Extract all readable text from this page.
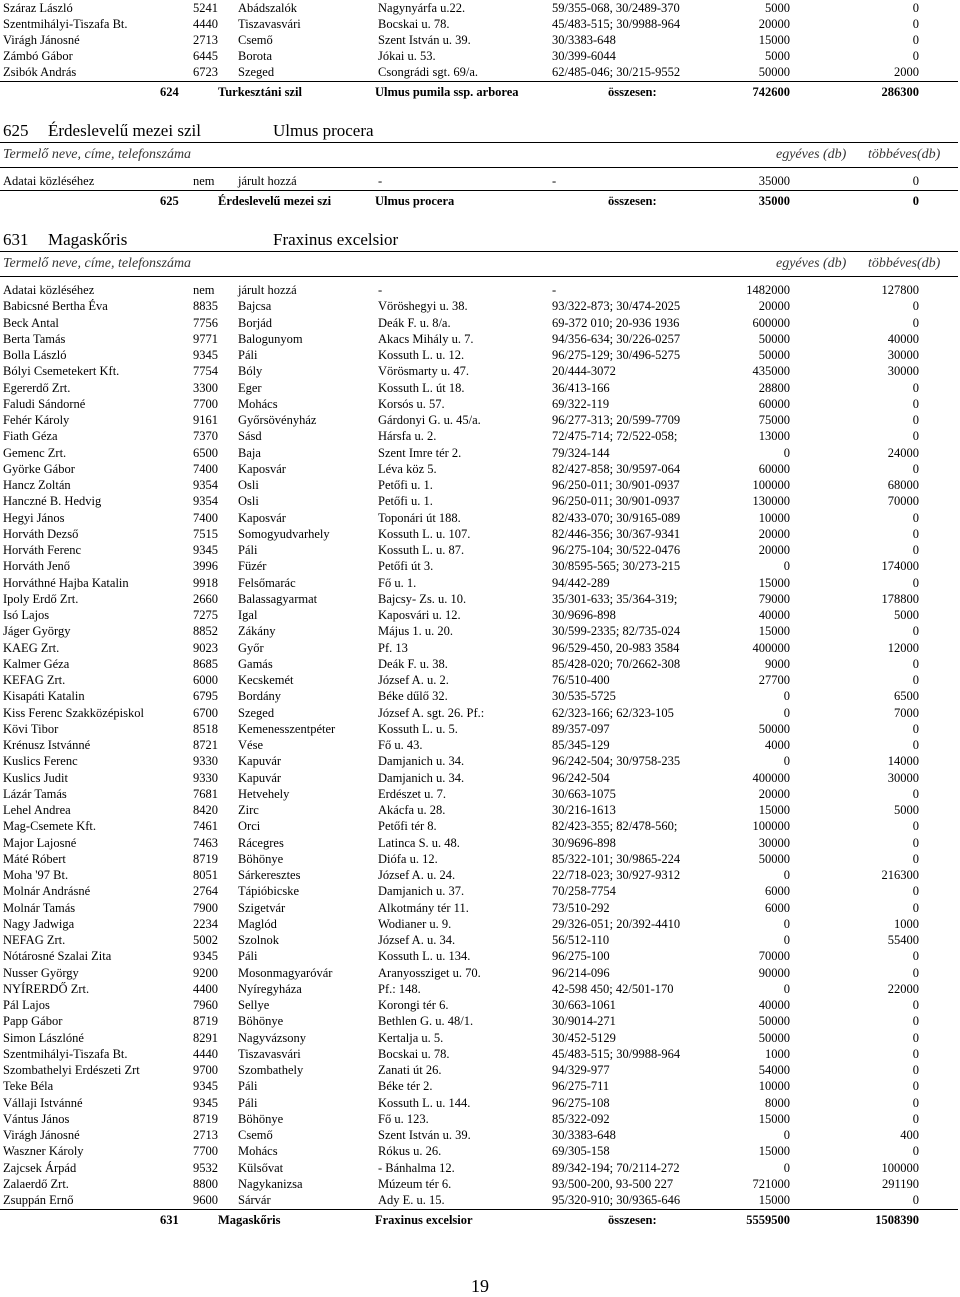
Száraz László	5241 Abádszalók	Nagynyárfa u.22.	59/355-068, 30/2489-370	5000	0
Szentmihályi-Tiszafa Bt.	4440 Tiszavasvári	Bocskai u. 78.	45/483-515; 30/9988-964	20000	0
Virágh Jánosné	2713 Csemő	Szent István u. 39.	30/3383-648	15000	0
Zámbó Gábor	6445 Borota	Jókai u. 53.	30/399-6044	5000	0
Zsibók András	6723 Szeged	Csongrádi sgt. 69/a.	62/485-046; 30/215-9552	50000	2000
624	Turkesztáni szil	Ulmus pumila ssp. arborea	összesen:	742600	286300
625 Érdeslevelű mezei szil	Ulmus procera
Termelő neve, címe, telefonszáma	egyéves (db) többéves(db)
Adatai közléséhez	nem járult hozzá	-	-	35000	0
625	Érdeslevelű mezei szi	Ulmus procera	összesen:	35000	0
631 Magaskőris	Fraxinus excelsior
Termelő neve, címe, telefonszáma	egyéves (db) többéves(db)
Adatai közléséhez	nem járult hozzá	-	-	1482000	127800
Babicsné Bertha Éva	8835 Bajcsa	Vöröshegyi u. 38.	93/322-873; 30/474-2025	20000	0
Beck Antal	7756 Borjád	Deák F. u. 8/a.	69-372 010; 20-936 1936	600000	0
Berta Tamás	9771 Balogunyom	Akacs Mihály u. 7.	94/356-634; 30/226-0257	50000	40000
Bolla László	9345 Páli	Kossuth L. u. 12.	96/275-129; 30/496-5275	50000	30000
Bólyi Csemetekert Kft.	7754 Bóly	Vörösmarty u. 47.	20/444-3072	435000	30000
Egererdő Zrt.	3300 Eger	Kossuth L. út 18.	36/413-166	28800	0
Faludi Sándorné	7700 Mohács	Korsós u. 57.	69/322-119	60000	0
Fehér Károly	9161 Győrsövényház	Gárdonyi G. u. 45/a.	96/277-313; 20/599-7709	75000	0
Fiath Géza	7370 Sásd	Hársfa u. 2.	72/475-714; 72/522-058;	13000	0
Gemenc Zrt.	6500 Baja	Szent Imre tér 2.	79/324-144	0	24000
Györke Gábor	7400 Kaposvár	Léva köz 5.	82/427-858; 30/9597-064	60000	0
Hancz Zoltán	9354 Osli	Petőfi u. 1.	96/250-011; 30/901-0937	100000	68000
Hanczné B. Hedvig	9354 Osli	Petőfi u. 1.	96/250-011; 30/901-0937	130000	70000
Hegyi János	7400 Kaposvár	Toponári út 188.	82/433-070; 30/9165-089	10000	0
Horváth Dezső	7515 Somogyudvarhely	Kossuth L. u. 107.	82/446-356; 30/367-9341	20000	0
Horváth Ferenc	9345 Páli	Kossuth L. u. 87.	96/275-104; 30/522-0476	20000	0
Horváth Jenő	3996 Füzér	Petőfi út 3.	30/8595-565; 30/273-215	0	174000
Horváthné Hajba Katalin	9918 Felsőmarác	Fő u. 1.	94/442-289	15000	0
Ipoly Erdő Zrt.	2660 Balassagyarmat	Bajcsy- Zs. u. 10.	35/301-633; 35/364-319;	79000	178800
Isó Lajos	7275 Igal	Kaposvári u. 12.	30/9696-898	40000	5000
Jáger György	8852 Zákány	Május 1. u. 20.	30/599-2335; 82/735-024	15000	0
KAEG Zrt.	9023 Győr	Pf. 13	96/529-450, 20-983 3584	400000	12000
Kalmer Géza	8685 Gamás	Deák F. u. 38.	85/428-020; 70/2662-308	9000	0
KEFAG Zrt.	6000 Kecskemét	József A. u. 2.	76/510-400	27700	0
Kisapáti Katalin	6795 Bordány	Béke dűlő 32.	30/535-5725	0	6500
Kiss Ferenc Szakközépiskol	6700 Szeged	József A. sgt. 26. Pf.:	62/323-166; 62/323-105	0	7000
Kövi Tibor	8518 Kemenesszentpéter	Kossuth L. u. 5.	89/357-097	50000	0
Krénusz Istvánné	8721 Vése	Fő u. 43.	85/345-129	4000	0
Kuslics Ferenc	9330 Kapuvár	Damjanich u. 34.	96/242-504; 30/9758-235	0	14000
Kuslics Judit	9330 Kapuvár	Damjanich u. 34.	96/242-504	400000	30000
Lázár Tamás	7681 Hetvehely	Erdészet u. 7.	30/663-1075	20000	0
Lehel Andrea	8420 Zirc	Akácfa u. 28.	30/216-1613	15000	5000
Mag-Csemete Kft.	7461 Orci	Petőfi tér 8.	82/423-355; 82/478-560;	100000	0
Major Lajosné	7463 Rácegres	Latinca S. u. 48.	30/9696-898	30000	0
Máté Róbert	8719 Böhönye	Diófa u. 12.	85/322-101; 30/9865-224	50000	0
Moha '97 Bt.	8051 Sárkeresztes	József A. u. 24.	22/718-023; 30/927-9312	0	216300
Molnár Andrásné	2764 Tápióbicske	Damjanich u. 37.	70/258-7754	6000	0
Molnár Tamás	7900 Szigetvár	Alkotmány tér 11.	73/510-292	6000	0
Nagy Jadwiga	2234 Maglód	Wodianer u. 9.	29/326-051; 20/392-4410	0	1000
NEFAG Zrt.	5002 Szolnok	József A. u. 34.	56/512-110	0	55400
Nótárosné Szalai Zita	9345 Páli	Kossuth L. u. 134.	96/275-100	70000	0
Nusser György	9200 Mosonmagyaróvár	Aranyossziget u. 70.	96/214-096	90000	0
NYÍRERDŐ Zrt.	4400 Nyíregyháza	Pf.: 148.	42-598 450; 42/501-170	0	22000
Pál Lajos	7960 Sellye	Korongi tér 6.	30/663-1061	40000	0
Papp Gábor	8719 Böhönye	Bethlen G. u. 48/1.	30/9014-271	50000	0
Simon Lászlóné	8291 Nagyvázsony	Kertalja u. 5.	30/452-5129	50000	0
Szentmihályi-Tiszafa Bt.	4440 Tiszavasvári	Bocskai u. 78.	45/483-515; 30/9988-964	1000	0
Szombathelyi Erdészeti Zrt	9700 Szombathely	Zanati út 26.	94/329-977	54000	0
Teke Béla	9345 Páli	Béke tér 2.	96/275-711	10000	0
Vállaji Istvánné	9345 Páli	Kossuth L. u. 144.	96/275-108	8000	0
Vántus János	8719 Böhönye	Fő u. 123.	85/322-092	15000	0
Virágh Jánosné	2713 Csemő	Szent István u. 39.	30/3383-648	0	400
Waszner Károly	7700 Mohács	Rókus u. 26.	69/305-158	15000	0
Zajcsek Árpád	9532 Külsővat	- Bánhalma 12.	89/342-194; 70/2114-272	0	100000
Zalaerdő Zrt.	8800 Nagykanizsa	Múzeum tér 6.	93/500-200, 93-500 227	721000	291190
Zsuppán Ernő	9600 Sárvár	Ady E. u. 15.	95/320-910; 30/9365-646	15000	0
631	Magaskőris	Fraxinus excelsior	összesen:	5559500	1508390
19
